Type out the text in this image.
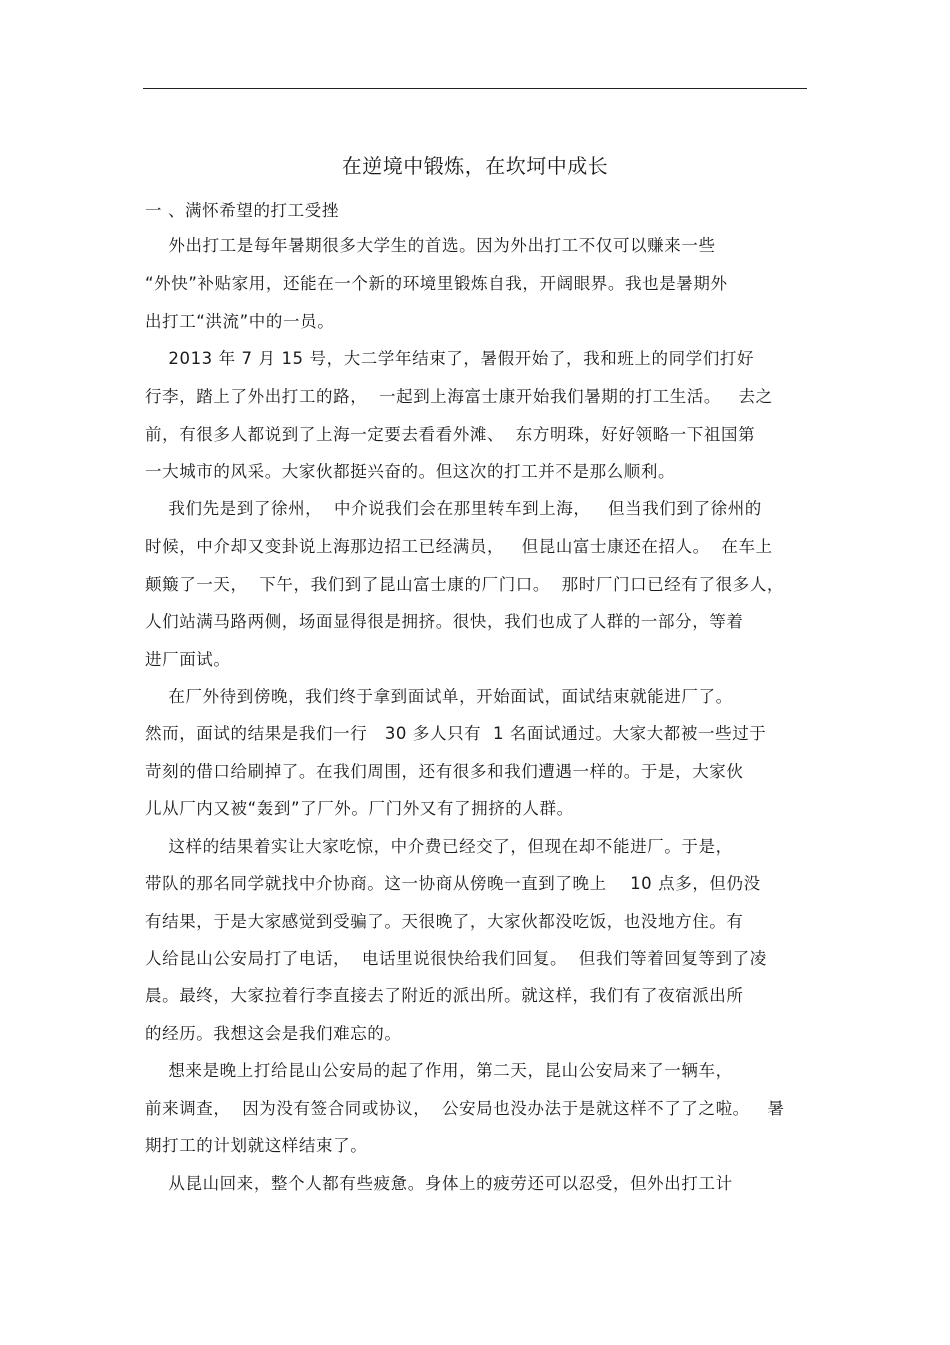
在逆境中锻炼，在坎坷中成长
一 、满怀希望的打工受挫
外出打工是每年暑期很多大学生的首选。因为外出打工不仅可以赚来一些
“外快”补贴家用，还能在一个新的环境里锻炼自我，开阔眼界。我也是暑期外
出打工“洪流”中的一员。
2013 年 7 月 15 号，大二学年结束了，暑假开始了，我和班上的同学们打好
行李，踏上了外出打工的路，  一起到上海富士康开始我们暑期的打工生活。   去之
前，有很多人都说到了上海一定要去看看外滩、  东方明珠，好好领略一下祖国第
一大城市的风采。大家伙都挺兴奋的。但这次的打工并不是那么顺利。
我们先是到了徐州，  中介说我们会在那里转车到上海，   但当我们到了徐州的
时候，中介却又变卦说上海那边招工已经满员，   但昆山富士康还在招人。  在车上
颠簸了一天，  下午，我们到了昆山富士康的厂门口。  那时厂门口已经有了很多人，
人们站满马路两侧，场面显得很是拥挤。很快，我们也成了人群的一部分，等着
进厂面试。
在厂外待到傍晚，我们终于拿到面试单，开始面试，面试结束就能进厂了。
然而，面试的结果是我们一行   30 多人只有  1 名面试通过。大家大都被一些过于
苛刻的借口给刷掉了。在我们周围，还有很多和我们遭遇一样的。于是，大家伙
儿从厂内又被“轰到”了厂外。厂门外又有了拥挤的人群。
这样的结果着实让大家吃惊，中介费已经交了，但现在却不能进厂。于是，
带队的那名同学就找中介协商。这一协商从傍晚一直到了晚上    10 点多，但仍没
有结果，于是大家感觉到受骗了。天很晚了，大家伙都没吃饭，也没地方住。有
人给昆山公安局打了电话，  电话里说很快给我们回复。  但我们等着回复等到了凌
晨。最终，大家拉着行李直接去了附近的派出所。就这样，我们有了夜宿派出所
的经历。我想这会是我们难忘的。
想来是晚上打给昆山公安局的起了作用，第二天，昆山公安局来了一辆车，
前来调查，  因为没有签合同或协议，  公安局也没办法于是就这样不了了之啦。   暑
期打工的计划就这样结束了。
从昆山回来，整个人都有些疲惫。身体上的疲劳还可以忍受，但外出打工计
